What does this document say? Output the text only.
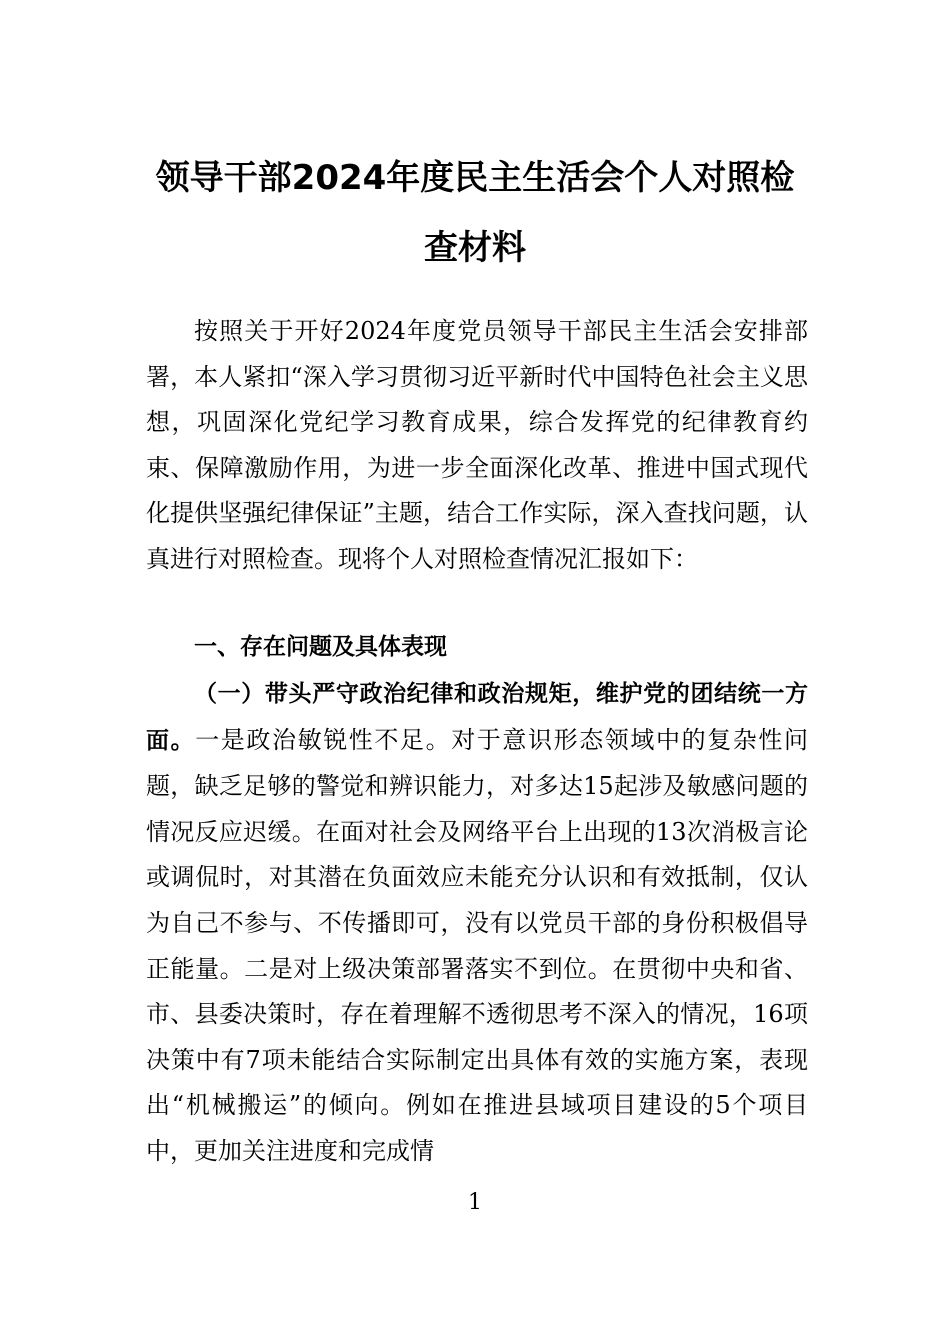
领导干部2024年度民主生活会个人对照检
查材料

按照关于开好2024年度党员领导干部民主生活会安排部署，本人紧扣“深入学习贯彻习近平新时代中国特色社会主义思想，巩固深化党纪学习教育成果，综合发挥党的纪律教育约束、保障激励作用，为进一步全面深化改革、推进中国式现代化提供坚强纪律保证”主题，结合工作实际，深入查找问题，认真进行对照检查。现将个人对照检查情况汇报如下：

一、存在问题及具体表现

（一）带头严守政治纪律和政治规矩，维护党的团结统一方面。一是政治敏锐性不足。对于意识形态领域中的复杂性问题，缺乏足够的警觉和辨识能力，对多达15起涉及敏感问题的情况反应迟缓。在面对社会及网络平台上出现的13次消极言论或调侃时，对其潜在负面效应未能充分认识和有效抵制，仅认为自己不参与、不传播即可，没有以党员干部的身份积极倡导正能量。二是对上级决策部署落实不到位。在贯彻中央和省、市、县委决策时，存在着理解不透彻思考不深入的情况，16项决策中有7项未能结合实际制定出具体有效的实施方案，表现出“机械搬运”的倾向。例如在推进县域项目建设的5个项目中，更加关注进度和完成情

1
